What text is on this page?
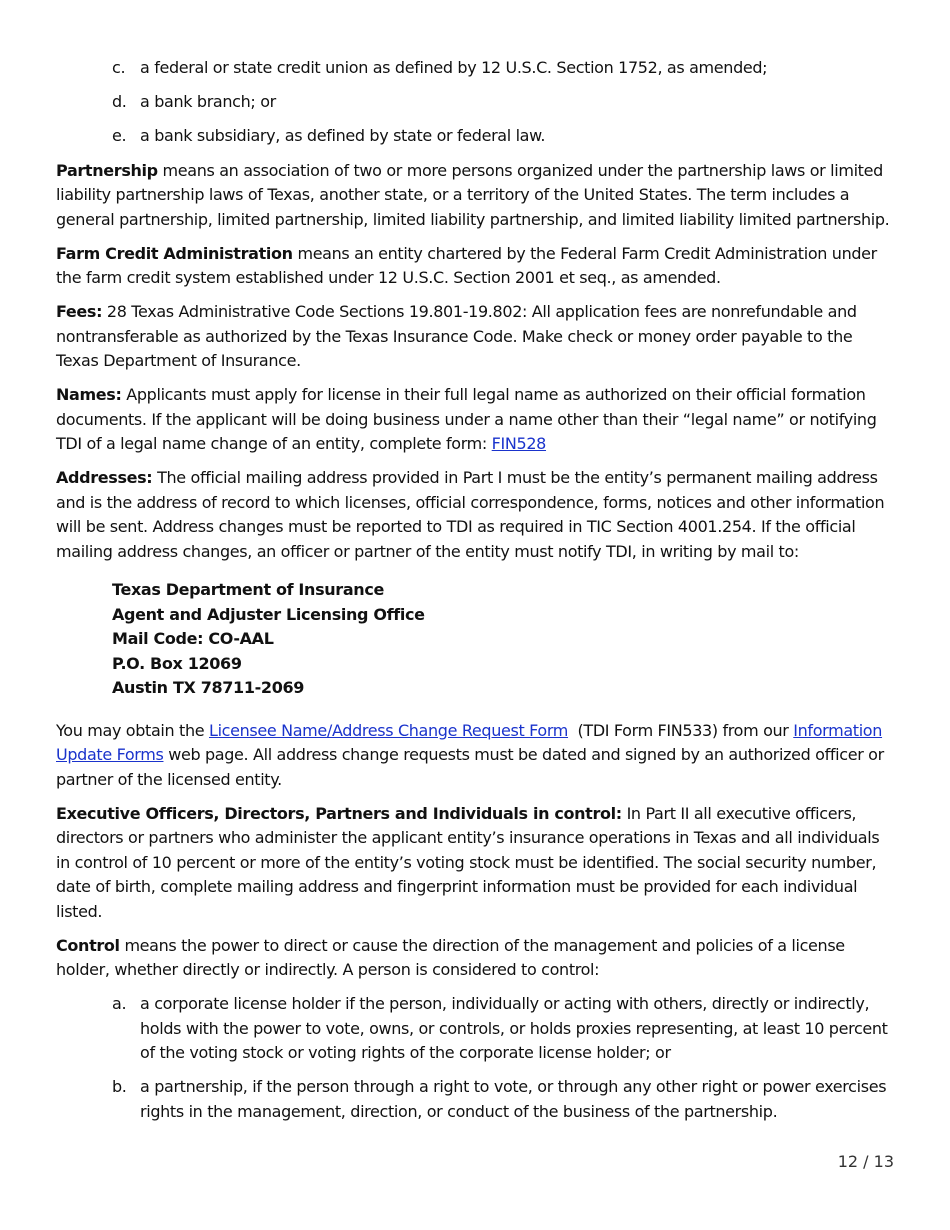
c. a federal or state credit union as defined by 12 U.S.C. Section 1752, as amended;
d. a bank branch; or
e. a bank subsidiary, as defined by state or federal law.

Partnership means an association of two or more persons organized under the partnership laws or limited liability partnership laws of Texas, another state, or a territory of the United States. The term includes a general partnership, limited partnership, limited liability partnership, and limited liability limited partnership.

Farm Credit Administration means an entity chartered by the Federal Farm Credit Administration under the farm credit system established under 12 U.S.C. Section 2001 et seq., as amended.

Fees: 28 Texas Administrative Code Sections 19.801-19.802: All application fees are nonrefundable and nontransferable as authorized by the Texas Insurance Code. Make check or money order payable to the Texas Department of Insurance.

Names: Applicants must apply for license in their full legal name as authorized on their official formation documents. If the applicant will be doing business under a name other than their “legal name” or notifying TDI of a legal name change of an entity, complete form: FIN528

Addresses: The official mailing address provided in Part I must be the entity’s permanent mailing address and is the address of record to which licenses, official correspondence, forms, notices and other information will be sent. Address changes must be reported to TDI as required in TIC Section 4001.254. If the official mailing address changes, an officer or partner of the entity must notify TDI, in writing by mail to:

Texas Department of Insurance
Agent and Adjuster Licensing Office
Mail Code: CO-AAL
P.O. Box 12069
Austin TX 78711-2069

You may obtain the Licensee Name/Address Change Request Form  (TDI Form FIN533) from our Information Update Forms web page. All address change requests must be dated and signed by an authorized officer or partner of the licensed entity.

Executive Officers, Directors, Partners and Individuals in control: In Part II all executive officers, directors or partners who administer the applicant entity’s insurance operations in Texas and all individuals in control of 10 percent or more of the entity’s voting stock must be identified. The social security number, date of birth, complete mailing address and fingerprint information must be provided for each individual listed.

Control means the power to direct or cause the direction of the management and policies of a license holder, whether directly or indirectly. A person is considered to control:

a. a corporate license holder if the person, individually or acting with others, directly or indirectly, holds with the power to vote, owns, or controls, or holds proxies representing, at least 10 percent of the voting stock or voting rights of the corporate license holder; or
b. a partnership, if the person through a right to vote, or through any other right or power exercises rights in the management, direction, or conduct of the business of the partnership.
12 / 13
